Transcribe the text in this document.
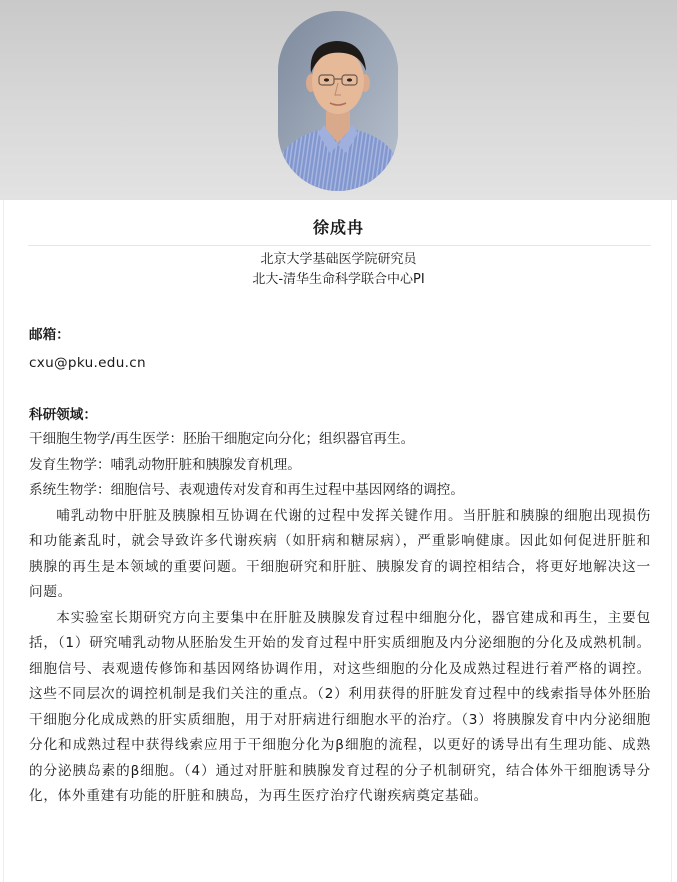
徐成冉
北京大学基础医学院研究员
北大-清华生命科学联合中心PI
邮箱：
cxu@pku.edu.cn
科研领域：
干细胞生物学/再生医学：胚胎干细胞定向分化；组织器官再生。
发育生物学：哺乳动物肝脏和胰腺发育机理。
系统生物学：细胞信号、表观遗传对发育和再生过程中基因网络的调控。

哺乳动物中肝脏及胰腺相互协调在代谢的过程中发挥关键作用。当肝脏和胰腺的细胞出现损伤和功能紊乱时，就会导致许多代谢疾病（如肝病和糖尿病），严重影响健康。因此如何促进肝脏和胰腺的再生是本领域的重要问题。干细胞研究和肝脏、胰腺发育的调控相结合，将更好地解决这一问题。

本实验室长期研究方向主要集中在肝脏及胰腺发育过程中细胞分化，器官建成和再生，主要包括，（1）研究哺乳动物从胚胎发生开始的发育过程中肝实质细胞及内分泌细胞的分化及成熟机制。细胞信号、表观遗传修饰和基因网络协调作用，对这些细胞的分化及成熟过程进行着严格的调控。这些不同层次的调控机制是我们关注的重点。（2）利用获得的肝脏发育过程中的线索指导体外胚胎干细胞分化成成熟的肝实质细胞，用于对肝病进行细胞水平的治疗。（3）将胰腺发育中内分泌细胞分化和成熟过程中获得线索应用于干细胞分化为β细胞的流程，以更好的诱导出有生理功能、成熟的分泌胰岛素的β细胞。（4）通过对肝脏和胰腺发育过程的分子机制研究，结合体外干细胞诱导分化，体外重建有功能的肝脏和胰岛，为再生医疗治疗代谢疾病奠定基础。
